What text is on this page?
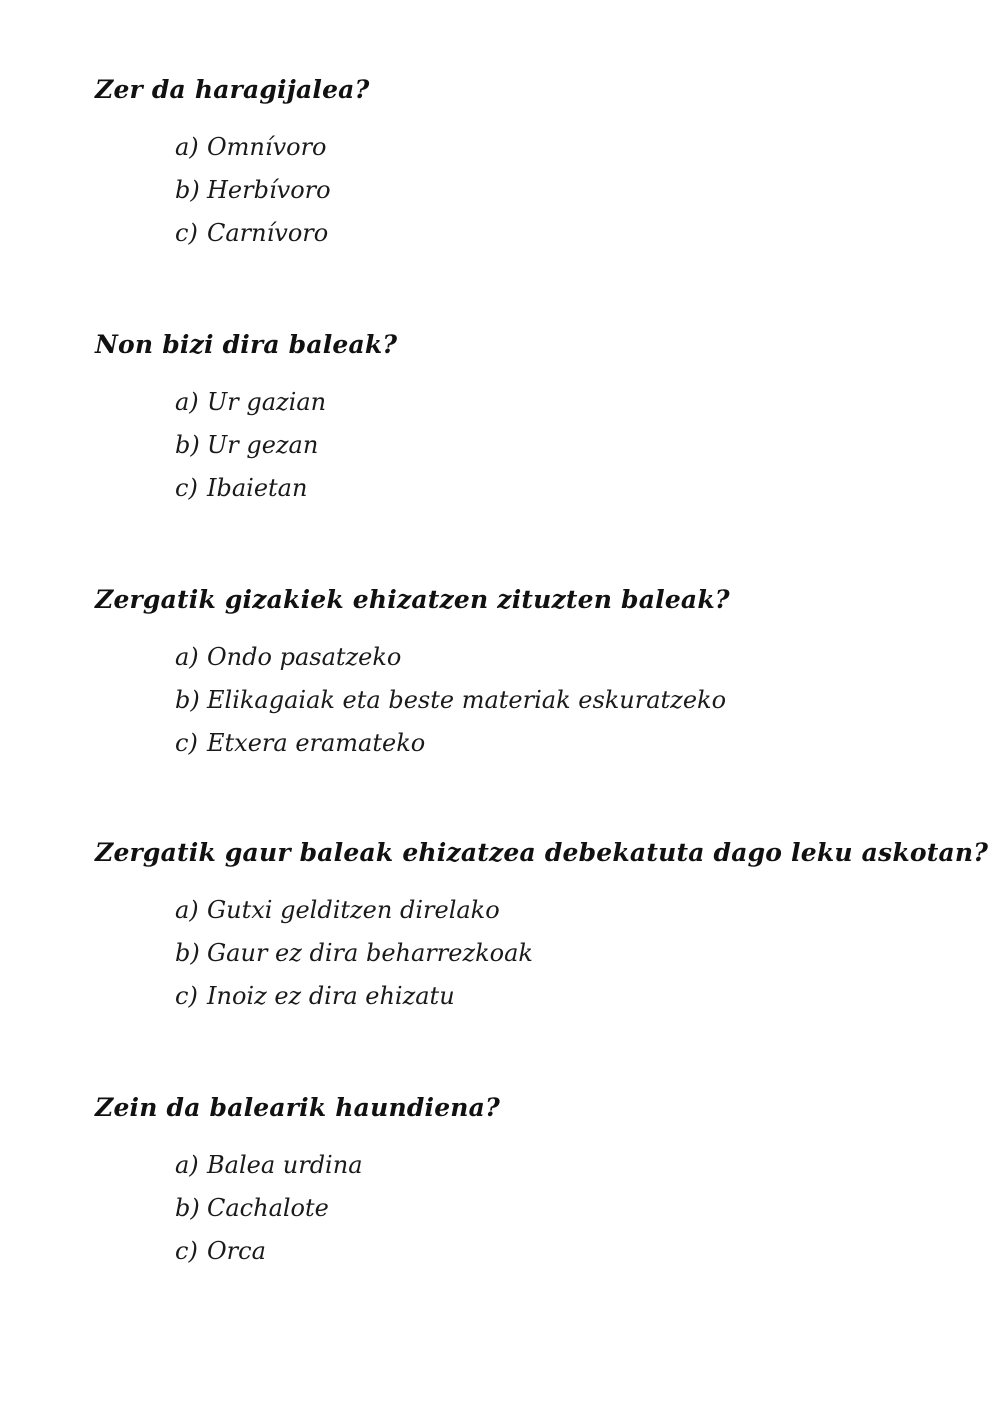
Zer da haragijalea?
a) Omnívoro
b) Herbívoro
c) Carnívoro
Non bizi dira baleak?
a) Ur gazian
b) Ur gezan
c) Ibaietan
Zergatik gizakiek ehizatzen zituzten baleak?
a) Ondo pasatzeko
b) Elikagaiak eta beste materiak eskuratzeko
c) Etxera eramateko
Zergatik gaur baleak ehizatzea debekatuta dago leku askotan?
a) Gutxi gelditzen direlako
b) Gaur ez dira beharrezkoak
c) Inoiz ez dira ehizatu
Zein da balearik haundiena?
a) Balea urdina
b) Cachalote
c) Orca
